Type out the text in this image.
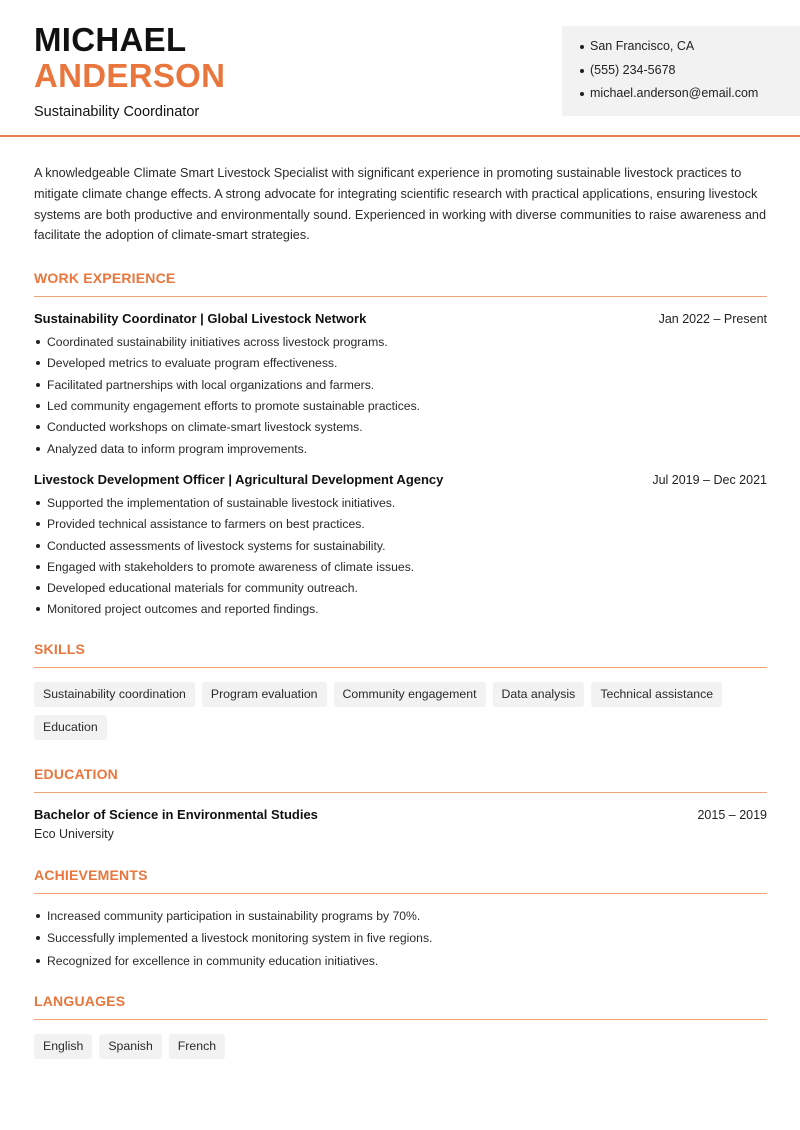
MICHAEL
ANDERSON
Sustainability Coordinator
San Francisco, CA
(555) 234-5678
michael.anderson@email.com

A knowledgeable Climate Smart Livestock Specialist with significant experience in promoting sustainable livestock practices to mitigate climate change effects. A strong advocate for integrating scientific research with practical applications, ensuring livestock systems are both productive and environmentally sound. Experienced in working with diverse communities to raise awareness and facilitate the adoption of climate-smart strategies.

WORK EXPERIENCE
Sustainability Coordinator | Global Livestock Network	Jan 2022 – Present
Coordinated sustainability initiatives across livestock programs.
Developed metrics to evaluate program effectiveness.
Facilitated partnerships with local organizations and farmers.
Led community engagement efforts to promote sustainable practices.
Conducted workshops on climate-smart livestock systems.
Analyzed data to inform program improvements.
Livestock Development Officer | Agricultural Development Agency	Jul 2019 – Dec 2021
Supported the implementation of sustainable livestock initiatives.
Provided technical assistance to farmers on best practices.
Conducted assessments of livestock systems for sustainability.
Engaged with stakeholders to promote awareness of climate issues.
Developed educational materials for community outreach.
Monitored project outcomes and reported findings.
SKILLS
Sustainability coordination	Program evaluation	Community engagement	Data analysis	Technical assistance
Education
EDUCATION
Bachelor of Science in Environmental Studies	2015 – 2019
Eco University
ACHIEVEMENTS
Increased community participation in sustainability programs by 70%.
Successfully implemented a livestock monitoring system in five regions.
Recognized for excellence in community education initiatives.
LANGUAGES
English	Spanish	French
